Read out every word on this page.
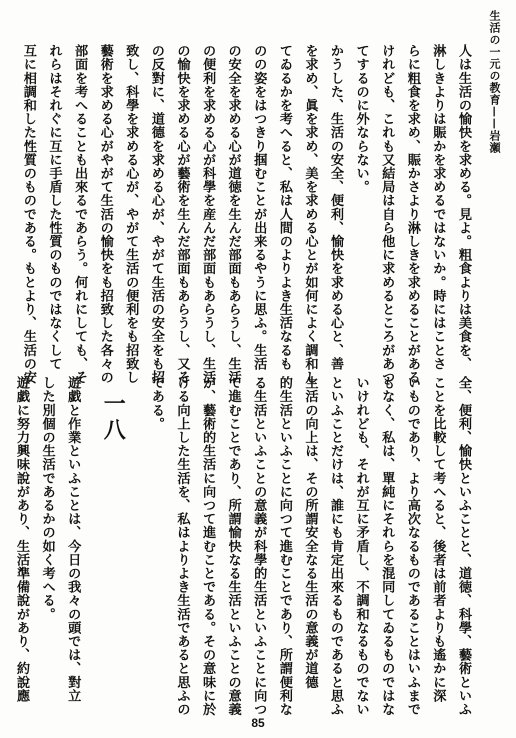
生活の一元の教育——岩瀬
人は生活の愉快を求める。見よ。粗食よりは美食を、
淋しきよりは賑かを求めるではないか。時にはことさ
らに粗食を求め、賑かさより淋しきを求めることがある
けれども、これも又結局は自ら他に求めるところがあつ
てするのに外ならない。
かうした、生活の安全、便利、愉快を求める心と、善
を求め、眞を求め、美を求める心とが如何によく調和し
てゐるかを考へると、私は人間のよりよき生活なるも
のの姿をはつきり掴むことが出来るやうに思ふ。生活
の安全を求める心が道徳を生んだ部面もあらうし、生活
の便利を求める心が科學を産んだ部面もあらうし、生活
の愉快を求める心が藝術を生んだ部面もあらうし、又そ
の反對に、道德を求める心が、やがて生活の安全をも招
致し、科學を求める心が、やがて生活の便利をも招致し
藝術を求める心がやがて生活の愉快をも招致した各々の
部面を考へることも出來るであらう。何れにしても、そ
れらはそれぐに互に手盾した性質のものではなくして
互に相調和した性質のものである。もとより、生活の安
全、便利、愉快といふことと、道徳、科學、藝術といふ
ことを比較して考へると、後者は前者よりも遙かに深
いものであり、より高次なるものであることはいふまで
もなく、私は、單純にそれらを混同してゐるものではな
いけれども、それが互に矛盾し、不調和なるものでない
といふことだけは、誰にも肯定出來るものであると思ふ
生活の向上は、その所謂安全なる生活の意義が道德
的生活といふことに向つて進むことであり、所謂便利な
る生活といふことの意義が科學的生活といふことに向つ
て進むことであり、所謂愉快なる生活といふことの意義
が、藝術的生活に向つて進むことである。その意味に於
ける向上した生活を、私はよりよき生活であると思ふの
である。
一八
遊戯と作業といふことは、今日の我々の頭では、對立
した別個の生活であるかの如く考へる。
遊戯に努力興味說があり、生活準備說があり、約說應
85
